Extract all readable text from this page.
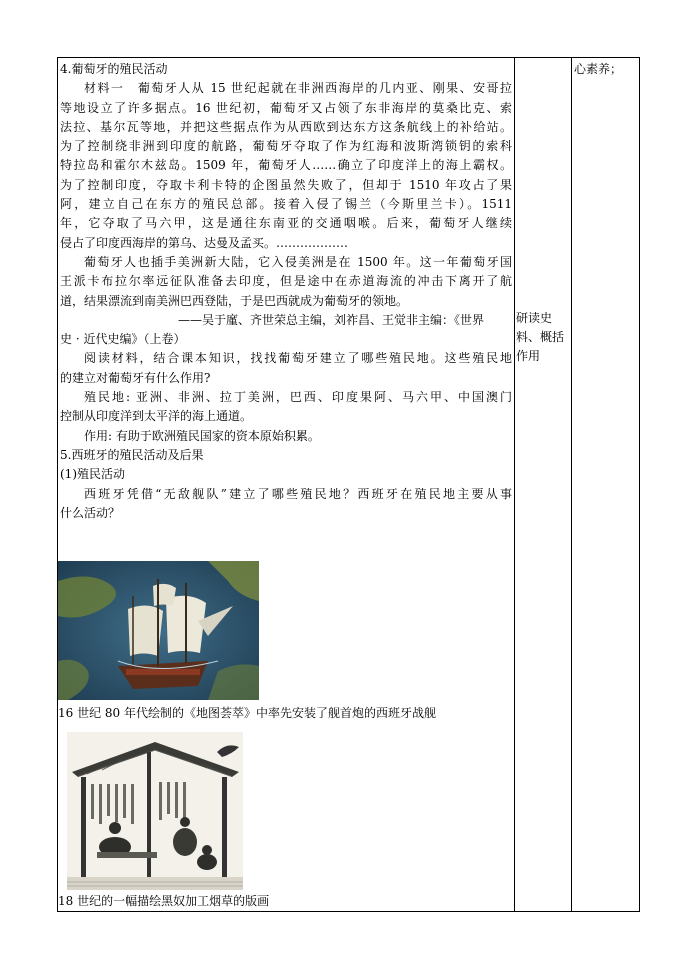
4.葡萄牙的殖民活动
材料一　葡萄牙人从 15 世纪起就在非洲西海岸的几内亚、刚果、安哥拉
等地设立了许多据点。16 世纪初，葡萄牙又占领了东非海岸的莫桑比克、索
法拉、基尔瓦等地，并把这些据点作为从西欧到达东方这条航线上的补给站。
为了控制绕非洲到印度的航路，葡萄牙夺取了作为红海和波斯湾锁钥的索科
特拉岛和霍尔木兹岛。1509 年，葡萄牙人……确立了印度洋上的海上霸权。
为了控制印度，夺取卡利卡特的企图虽然失败了，但却于 1510 年攻占了果
阿，建立自己在东方的殖民总部。接着入侵了锡兰（今斯里兰卡）。1511
年，它夺取了马六甲，这是通往东南亚的交通咽喉。后来，葡萄牙人继续
侵占了印度西海岸的第乌、达曼及孟买。………………
葡萄牙人也插手美洲新大陆，它入侵美洲是在 1500 年。这一年葡萄牙国
王派卡布拉尔率远征队准备去印度，但是途中在赤道海流的冲击下离开了航
道，结果漂流到南美洲巴西登陆，于是巴西就成为葡萄牙的领地。
——吴于廑、齐世荣总主编，刘祚昌、王觉非主编：《世界
史 · 近代史编》（上卷）
阅读材料，结合课本知识，找找葡萄牙建立了哪些殖民地。这些殖民地
的建立对葡萄牙有什么作用?
殖民地: 亚洲、非洲、拉丁美洲，巴西、印度果阿、马六甲、中国澳门
控制从印度洋到太平洋的海上通道。
作用: 有助于欧洲殖民国家的资本原始积累。
5.西班牙的殖民活动及后果
(1)殖民活动
西班牙凭借“无敌舰队”建立了哪些殖民地？西班牙在殖民地主要从事
什么活动？
研读史料、概括作用
心素养；
16 世纪 80 年代绘制的《地图荟萃》中率先安装了舰首炮的西班牙战舰
18 世纪的一幅描绘黑奴加工烟草的版画
